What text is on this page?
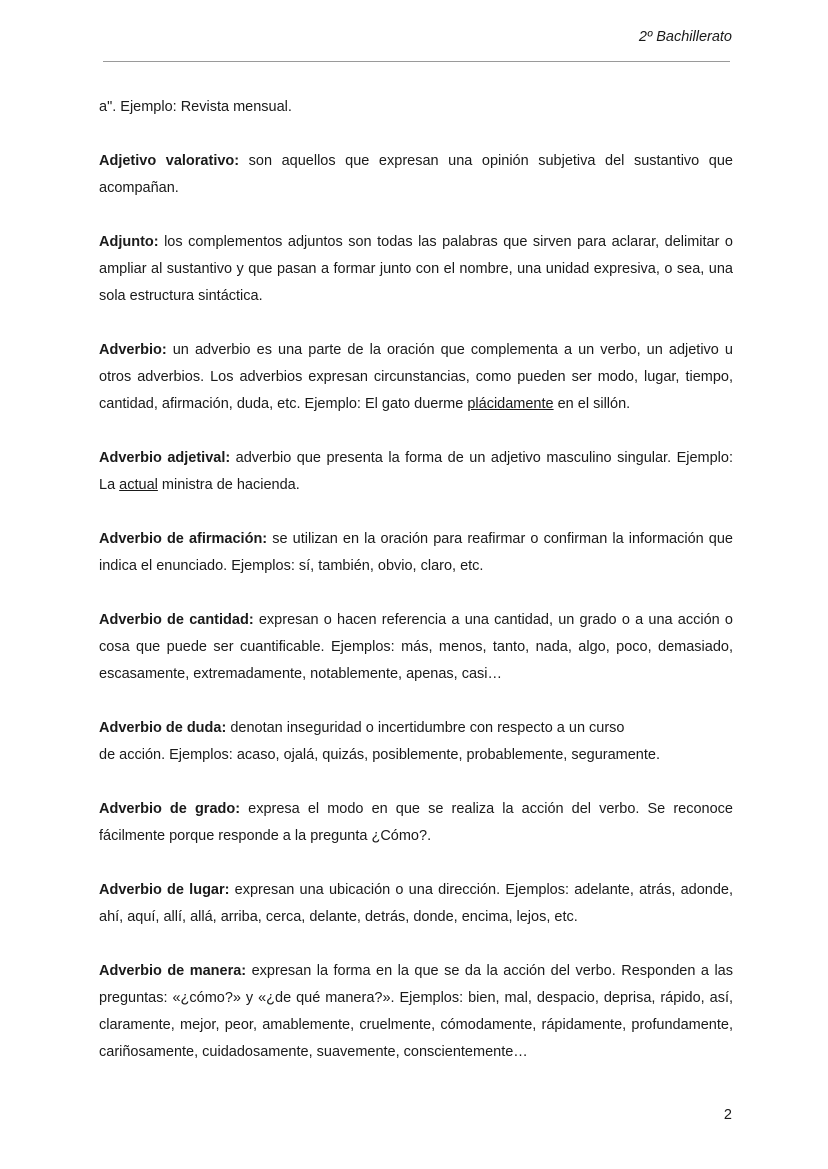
2º Bachillerato

a". Ejemplo: Revista mensual.

Adjetivo valorativo: son aquellos que expresan una opinión subjetiva del sustantivo que acompañan.

Adjunto: los complementos adjuntos son todas las palabras que sirven para aclarar, delimitar o ampliar al sustantivo y que pasan a formar junto con el nombre, una unidad expresiva, o sea, una sola estructura sintáctica.

Adverbio: un adverbio es una parte de la oración que complementa a un verbo, un adjetivo u otros adverbios. Los adverbios expresan circunstancias, como pueden ser modo, lugar, tiempo, cantidad, afirmación, duda, etc. Ejemplo: El gato duerme plácidamente en el sillón.

Adverbio adjetival: adverbio que presenta la forma de un adjetivo masculino singular. Ejemplo: La actual ministra de hacienda.

Adverbio de afirmación: se utilizan en la oración para reafirmar o confirman la información que indica el enunciado. Ejemplos: sí, también, obvio, claro, etc.

Adverbio de cantidad: expresan o hacen referencia a una cantidad, un grado o a una acción o cosa que puede ser cuantificable. Ejemplos: más, menos, tanto, nada, algo, poco, demasiado, escasamente, extremadamente, notablemente, apenas, casi…

Adverbio de duda: denotan inseguridad o incertidumbre con respecto a un curso
de acción. Ejemplos: acaso, ojalá, quizás, posiblemente, probablemente, seguramente.

Adverbio de grado: expresa el modo en que se realiza la acción del verbo. Se reconoce fácilmente porque responde a la pregunta ¿Cómo?.

Adverbio de lugar: expresan una ubicación o una dirección. Ejemplos: adelante, atrás, adonde, ahí, aquí, allí, allá, arriba, cerca, delante, detrás, donde, encima, lejos, etc.

Adverbio de manera: expresan la forma en la que se da la acción del verbo. Responden a las preguntas: «¿cómo?» y «¿de qué manera?». Ejemplos: bien, mal, despacio, deprisa, rápido, así, claramente, mejor, peor, amablemente, cruelmente, cómodamente, rápidamente, profundamente, cariñosamente, cuidadosamente, suavemente, conscientemente…

2
